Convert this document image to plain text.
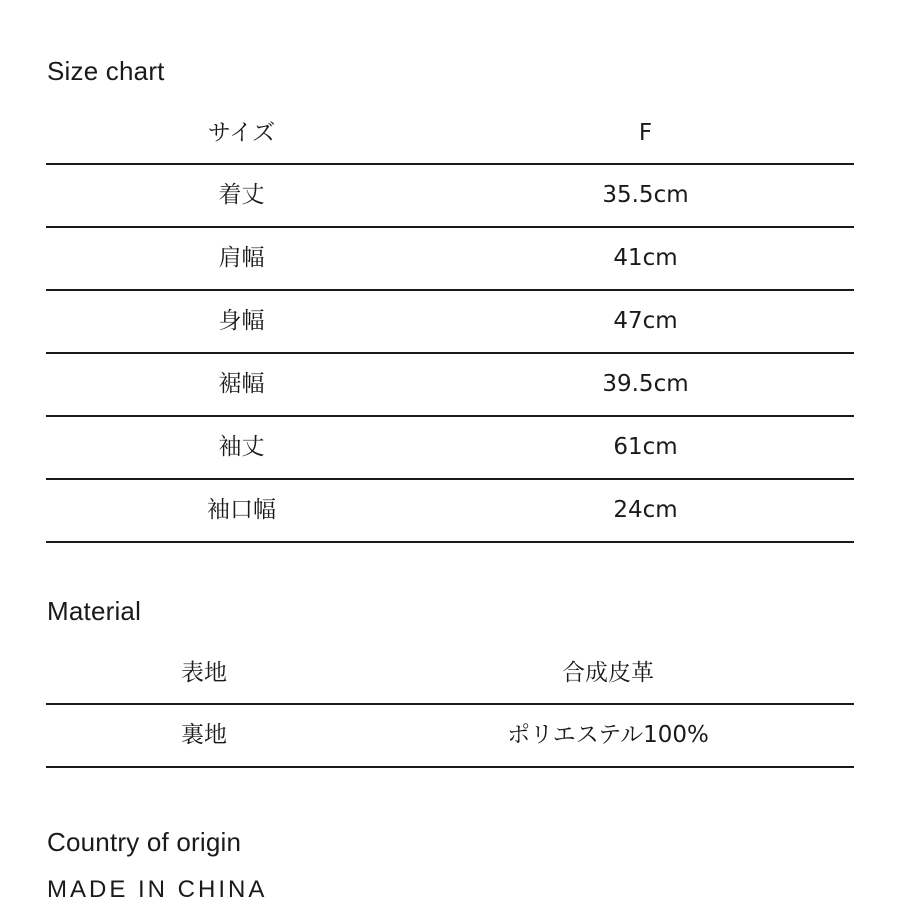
Size chart
サイズ	F
着丈	35.5cm
肩幅	41cm
身幅	47cm
裾幅	39.5cm
袖丈	61cm
袖口幅	24cm
Material
表地	合成皮革
裏地	ポリエステル100%
Country of origin

MADE IN CHINA
